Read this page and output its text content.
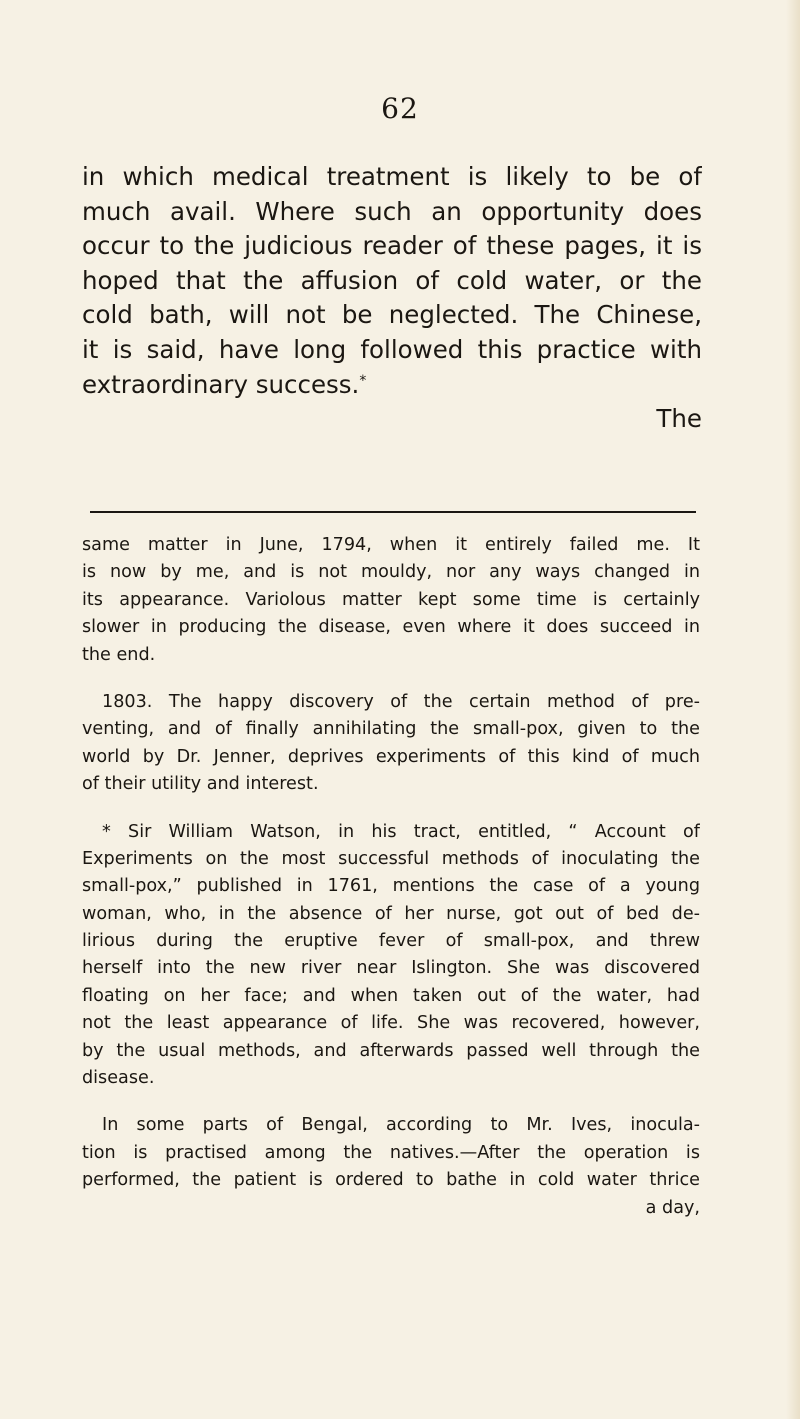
62
in which medical treatment is likely to be of
much avail. Where such an opportunity does
occur to the judicious reader of these pages, it is
hoped that the affusion of cold water, or the
cold bath, will not be neglected. The Chinese,
it is said, have long followed this practice with
extraordinary success.*
The
same matter in June, 1794, when it entirely failed me. It
is now by me, and is not mouldy, nor any ways changed in
its appearance. Variolous matter kept some time is certainly
slower in producing the disease, even where it does succeed in
the end.
1803. The happy discovery of the certain method of pre-
venting, and of finally annihilating the small-pox, given to the
world by Dr. Jenner, deprives experiments of this kind of much
of their utility and interest.
* Sir William Watson, in his tract, entitled, “ Account of
Experiments on the most successful methods of inoculating the
small-pox,” published in 1761, mentions the case of a young
woman, who, in the absence of her nurse, got out of bed de-
lirious during the eruptive fever of small-pox, and threw
herself into the new river near Islington. She was discovered
floating on her face; and when taken out of the water, had
not the least appearance of life. She was recovered, however,
by the usual methods, and afterwards passed well through the
disease.
In some parts of Bengal, according to Mr. Ives, inocula-
tion is practised among the natives.—After the operation is
performed, the patient is ordered to bathe in cold water thrice
a day,
